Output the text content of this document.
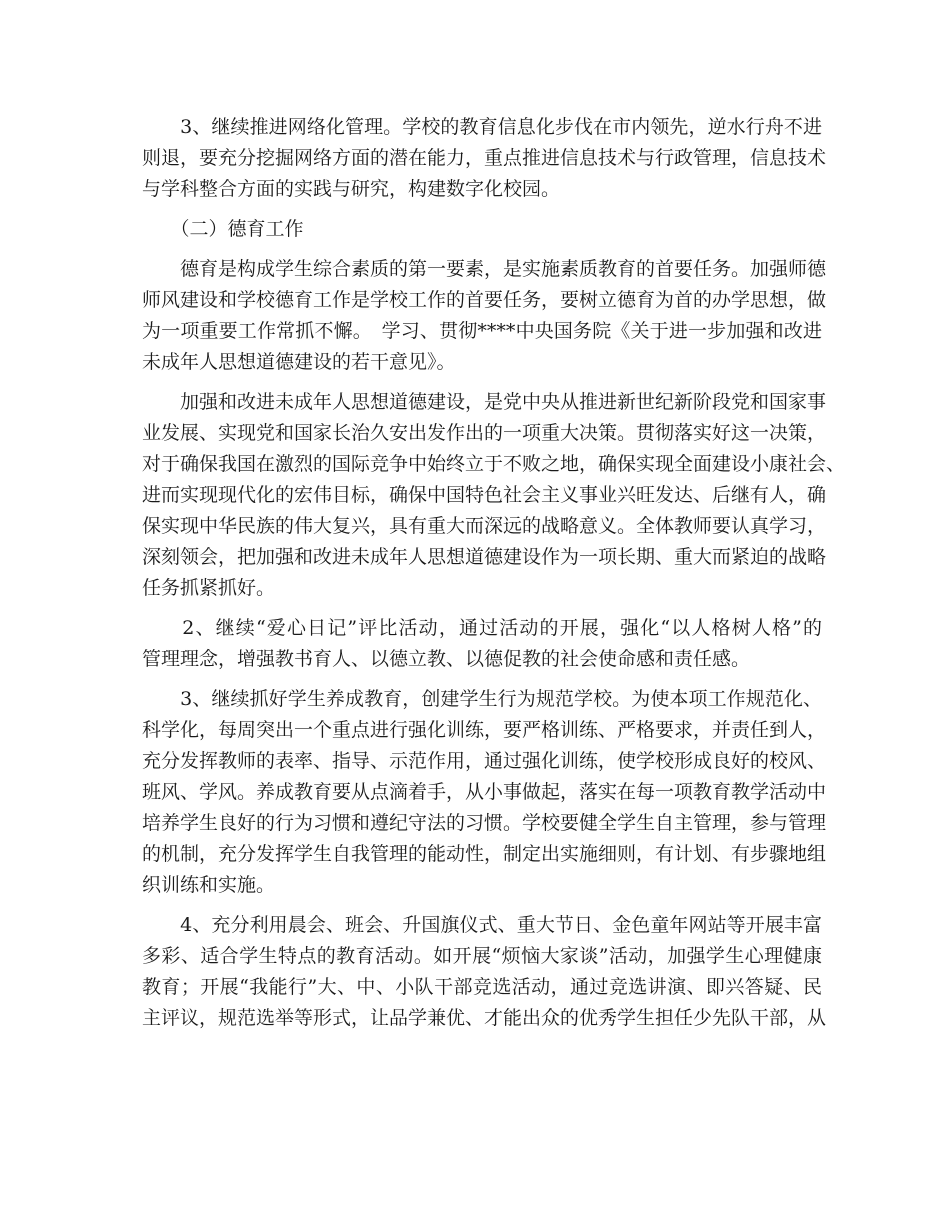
　　3、继续推进网络化管理。学校的教育信息化步伐在市内领先，逆水行舟不进
则退，要充分挖掘网络方面的潜在能力，重点推进信息技术与行政管理，信息技术
与学科整合方面的实践与研究，构建数字化校园。
　　（二）德育工作
　　德育是构成学生综合素质的第一要素，是实施素质教育的首要任务。加强师德
师风建设和学校德育工作是学校工作的首要任务，要树立德育为首的办学思想，做
为一项重要工作常抓不懈。　学习、贯彻****中央国务院《关于进一步加强和改进
未成年人思想道德建设的若干意见》。
　　加强和改进未成年人思想道德建设，是党中央从推进新世纪新阶段党和国家事
业发展、实现党和国家长治久安出发作出的一项重大决策。贯彻落实好这一决策，
对于确保我国在激烈的国际竞争中始终立于不败之地，确保实现全面建设小康社会、
进而实现现代化的宏伟目标，确保中国特色社会主义事业兴旺发达、后继有人，确
保实现中华民族的伟大复兴，具有重大而深远的战略意义。全体教师要认真学习，
深刻领会，把加强和改进未成年人思想道德建设作为一项长期、重大而紧迫的战略
任务抓紧抓好。
　　2、继续“爱心日记”评比活动，通过活动的开展，强化“以人格树人格”的
管理理念，增强教书育人、以德立教、以德促教的社会使命感和责任感。
　　3、继续抓好学生养成教育，创建学生行为规范学校。为使本项工作规范化、
科学化，每周突出一个重点进行强化训练，要严格训练、严格要求，并责任到人，
充分发挥教师的表率、指导、示范作用，通过强化训练，使学校形成良好的校风、
班风、学风。养成教育要从点滴着手，从小事做起，落实在每一项教育教学活动中
培养学生良好的行为习惯和遵纪守法的习惯。学校要健全学生自主管理，参与管理
的机制，充分发挥学生自我管理的能动性，制定出实施细则，有计划、有步骤地组
织训练和实施。
　　4、充分利用晨会、班会、升国旗仪式、重大节日、金色童年网站等开展丰富
多彩、适合学生特点的教育活动。如开展“烦恼大家谈”活动，加强学生心理健康
教育；开展“我能行”大、中、小队干部竞选活动，通过竞选讲演、即兴答疑、民
主评议，规范选举等形式，让品学兼优、才能出众的优秀学生担任少先队干部，从
